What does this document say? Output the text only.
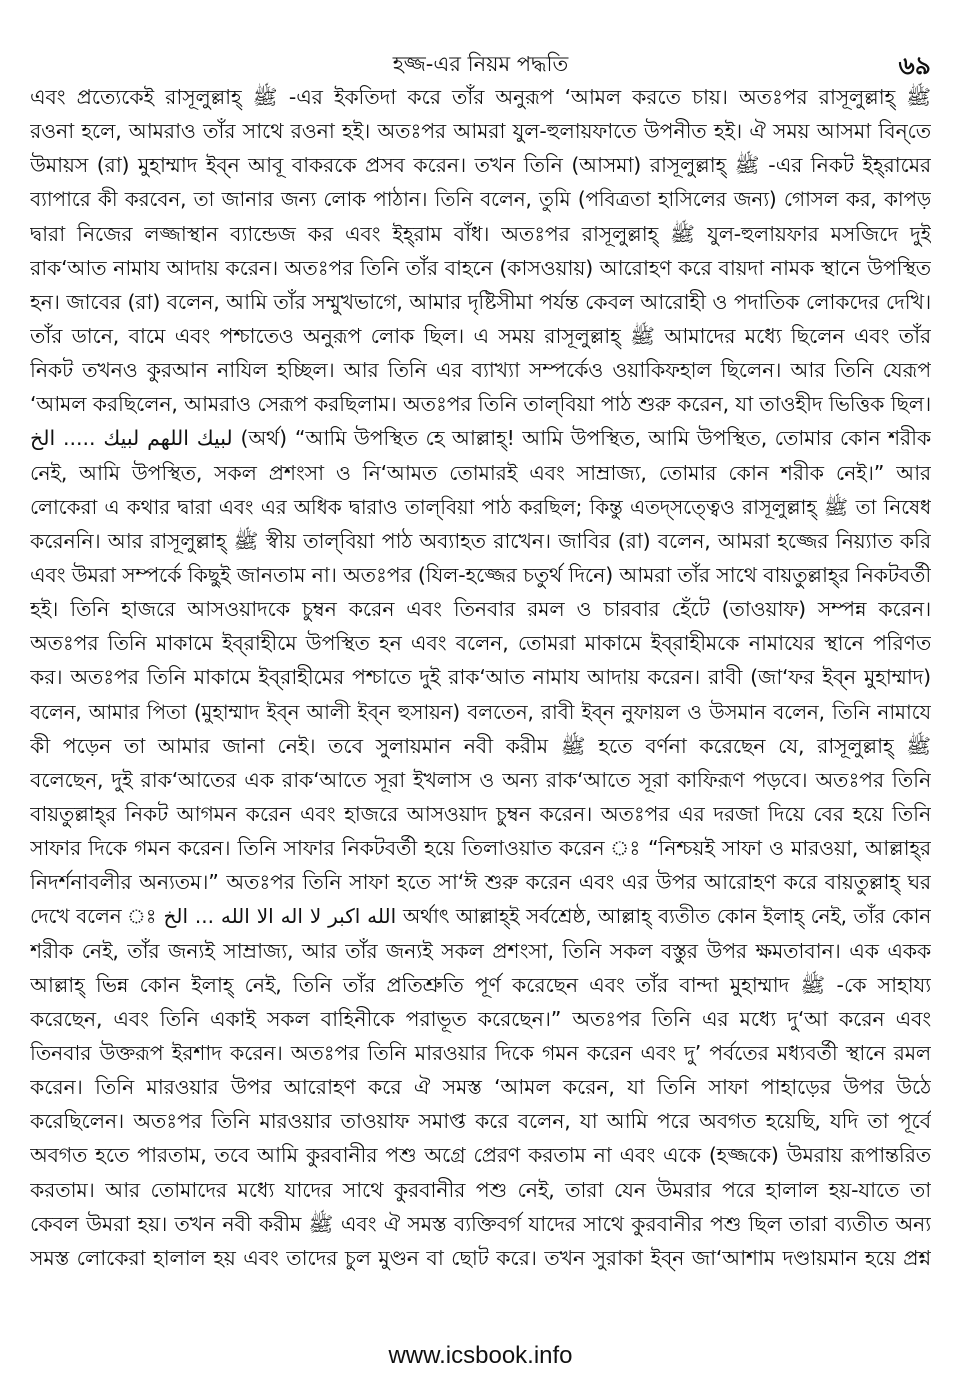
হজ্জ-এর নিয়ম পদ্ধতি	৬৯
এবং প্রত্যেকেই রাসূলুল্লাহ্ ﷺ -এর ইকতিদা করে তাঁর অনুরূপ ‘আমল করতে চায়। অতঃপর রাসূলুল্লাহ্ ﷺ
রওনা হলে, আমরাও তাঁর সাথে রওনা হই। অতঃপর আমরা যুল-হুলায়ফাতে উপনীত হই। ঐ সময় আসমা বিন্‌তে
উমায়স (রা) মুহাম্মাদ ইব্‌ন আবূ বাকরকে প্রসব করেন। তখন তিনি (আসমা) রাসূলুল্লাহ্ ﷺ -এর নিকট ইহ্‌রামের
ব্যাপারে কী করবেন, তা জানার জন্য লোক পাঠান। তিনি বলেন, তুমি (পবিত্রতা হাসিলের জন্য) গোসল কর, কাপড়
দ্বারা নিজের লজ্জাস্থান ব্যান্ডেজ কর এবং ইহ্‌রাম বাঁধ। অতঃপর রাসূলুল্লাহ্ ﷺ যুল-হুলায়ফার মসজিদে দুই
রাক‘আত নামায আদায় করেন। অতঃপর তিনি তাঁর বাহনে (কাসওয়ায়) আরোহণ করে বায়দা নামক স্থানে উপস্থিত
হন। জাবের (রা) বলেন, আমি তাঁর সম্মুখভাগে, আমার দৃষ্টিসীমা পর্যন্ত কেবল আরোহী ও পদাতিক লোকদের দেখি।
তাঁর ডানে, বামে এবং পশ্চাতেও অনুরূপ লোক ছিল। এ সময় রাসূলুল্লাহ্ ﷺ আমাদের মধ্যে ছিলেন এবং তাঁর
নিকট তখনও কুরআন নাযিল হচ্ছিল। আর তিনি এর ব্যাখ্যা সম্পর্কেও ওয়াকিফহাল ছিলেন। আর তিনি যেরূপ
‘আমল করছিলেন, আমরাও সেরূপ করছিলাম। অতঃপর তিনি তাল্‌বিয়া পাঠ শুরু করেন, যা তাওহীদ ভিত্তিক ছিল।
لبيك اللهم لبيك ..... الخ (অর্থ) “আমি উপস্থিত হে আল্লাহ্! আমি উপস্থিত, আমি উপস্থিত, তোমার কোন শরীক
নেই, আমি উপস্থিত, সকল প্রশংসা ও নি‘আমত তোমারই এবং সাম্রাজ্য, তোমার কোন শরীক নেই।” আর
লোকেরা এ কথার দ্বারা এবং এর অধিক দ্বারাও তাল্‌বিয়া পাঠ করছিল; কিন্তু এতদ্‌সত্ত্বেও রাসূলুল্লাহ্ ﷺ তা নিষেধ
করেননি। আর রাসূলুল্লাহ্ ﷺ স্বীয় তাল্‌বিয়া পাঠ অব্যাহত রাখেন। জাবির (রা) বলেন, আমরা হজ্জের নিয়্যাত করি
এবং উমরা সম্পর্কে কিছুই জানতাম না। অতঃপর (যিল-হজ্জের চতুর্থ দিনে) আমরা তাঁর সাথে বায়তুল্লাহ্‌র নিকটবর্তী
হই। তিনি হাজরে আসওয়াদকে চুম্বন করেন এবং তিনবার রমল ও চারবার হেঁটে (তাওয়াফ) সম্পন্ন করেন।
অতঃপর তিনি মাকামে ইব্‌রাহীমে উপস্থিত হন এবং বলেন, তোমরা মাকামে ইব্‌রাহীমকে নামাযের স্থানে পরিণত
কর। অতঃপর তিনি মাকামে ইব্‌রাহীমের পশ্চাতে দুই রাক‘আত নামায আদায় করেন। রাবী (জা‘ফর ইব্‌ন মুহাম্মাদ)
বলেন, আমার পিতা (মুহাম্মাদ ইব্‌ন আলী ইব্‌ন হুসায়ন) বলতেন, রাবী ইব্‌ন নুফায়ল ও উসমান বলেন, তিনি নামাযে
কী পড়েন তা আমার জানা নেই। তবে সুলায়মান নবী করীম ﷺ হতে বর্ণনা করেছেন যে, রাসূলুল্লাহ্ ﷺ
বলেছেন, দুই রাক‘আতের এক রাক‘আতে সূরা ইখলাস ও অন্য রাক‘আতে সূরা কাফিরূণ পড়বে। অতঃপর তিনি
বায়তুল্লাহ্‌র নিকট আগমন করেন এবং হাজরে আসওয়াদ চুম্বন করেন। অতঃপর এর দরজা দিয়ে বের হয়ে তিনি
সাফার দিকে গমন করেন। তিনি সাফার নিকটবর্তী হয়ে তিলাওয়াত করেন ঃ “নিশ্চয়ই সাফা ও মারওয়া, আল্লাহ্‌র
নিদর্শনাবলীর অন্যতম।” অতঃপর তিনি সাফা হতে সা‘ঈ শুরু করেন এবং এর উপর আরোহণ করে বায়তুল্লাহ্ ঘর
দেখে বলেন ঃ الله اكبر لا اله الا الله ... الخ অর্থাৎ আল্লাহ্‌ই সর্বশ্রেষ্ঠ, আল্লাহ্ ব্যতীত কোন ইলাহ্ নেই, তাঁর কোন
শরীক নেই, তাঁর জন্যই সাম্রাজ্য, আর তাঁর জন্যই সকল প্রশংসা, তিনি সকল বস্তুর উপর ক্ষমতাবান। এক একক
আল্লাহ্ ভিন্ন কোন ইলাহ্ নেই, তিনি তাঁর প্রতিশ্রুতি পূর্ণ করেছেন এবং তাঁর বান্দা মুহাম্মাদ ﷺ -কে সাহায্য
করেছেন, এবং তিনি একাই সকল বাহিনীকে পরাভূত করেছেন।” অতঃপর তিনি এর মধ্যে দু‘আ করেন এবং
তিনবার উক্তরূপ ইরশাদ করেন। অতঃপর তিনি মারওয়ার দিকে গমন করেন এবং দু’ পর্বতের মধ্যবর্তী স্থানে রমল
করেন। তিনি মারওয়ার উপর আরোহণ করে ঐ সমস্ত ‘আমল করেন, যা তিনি সাফা পাহাড়ের উপর উঠে
করেছিলেন। অতঃপর তিনি মারওয়ার তাওয়াফ সমাপ্ত করে বলেন, যা আমি পরে অবগত হয়েছি, যদি তা পূর্বে
অবগত হতে পারতাম, তবে আমি কুরবানীর পশু অগ্রে প্রেরণ করতাম না এবং একে (হজ্জকে) উমরায় রূপান্তরিত
করতাম। আর তোমাদের মধ্যে যাদের সাথে কুরবানীর পশু নেই, তারা যেন উমরার পরে হালাল হয়-যাতে তা
কেবল উমরা হয়। তখন নবী করীম ﷺ এবং ঐ সমস্ত ব্যক্তিবর্গ যাদের সাথে কুরবানীর পশু ছিল তারা ব্যতীত অন্য
সমস্ত লোকেরা হালাল হয় এবং তাদের চুল মুণ্ডন বা ছোট করে। তখন সুরাকা ইব্‌ন জা‘আশাম দণ্ডায়মান হয়ে প্রশ্ন
www.icsbook.info
